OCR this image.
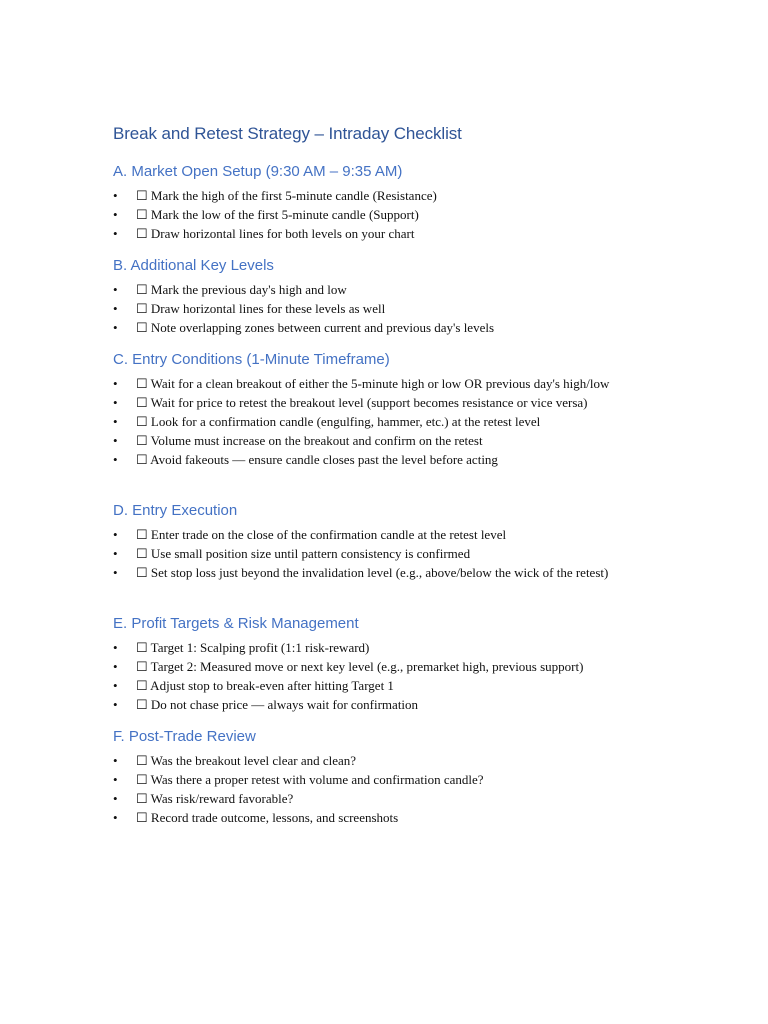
Break and Retest Strategy – Intraday Checklist
A. Market Open Setup (9:30 AM – 9:35 AM)
• ☐ Mark the high of the first 5-minute candle (Resistance)
• ☐ Mark the low of the first 5-minute candle (Support)
• ☐ Draw horizontal lines for both levels on your chart
B. Additional Key Levels
• ☐ Mark the previous day's high and low
• ☐ Draw horizontal lines for these levels as well
• ☐ Note overlapping zones between current and previous day's levels
C. Entry Conditions (1-Minute Timeframe)
• ☐ Wait for a clean breakout of either the 5-minute high or low OR previous day's high/low
• ☐ Wait for price to retest the breakout level (support becomes resistance or vice versa)
• ☐ Look for a confirmation candle (engulfing, hammer, etc.) at the retest level
• ☐ Volume must increase on the breakout and confirm on the retest
• ☐ Avoid fakeouts — ensure candle closes past the level before acting
D. Entry Execution
• ☐ Enter trade on the close of the confirmation candle at the retest level
• ☐ Use small position size until pattern consistency is confirmed
• ☐ Set stop loss just beyond the invalidation level (e.g., above/below the wick of the retest)
E. Profit Targets & Risk Management
• ☐ Target 1: Scalping profit (1:1 risk-reward)
• ☐ Target 2: Measured move or next key level (e.g., premarket high, previous support)
• ☐ Adjust stop to break-even after hitting Target 1
• ☐ Do not chase price — always wait for confirmation
F. Post-Trade Review
• ☐ Was the breakout level clear and clean?
• ☐ Was there a proper retest with volume and confirmation candle?
• ☐ Was risk/reward favorable?
• ☐ Record trade outcome, lessons, and screenshots
